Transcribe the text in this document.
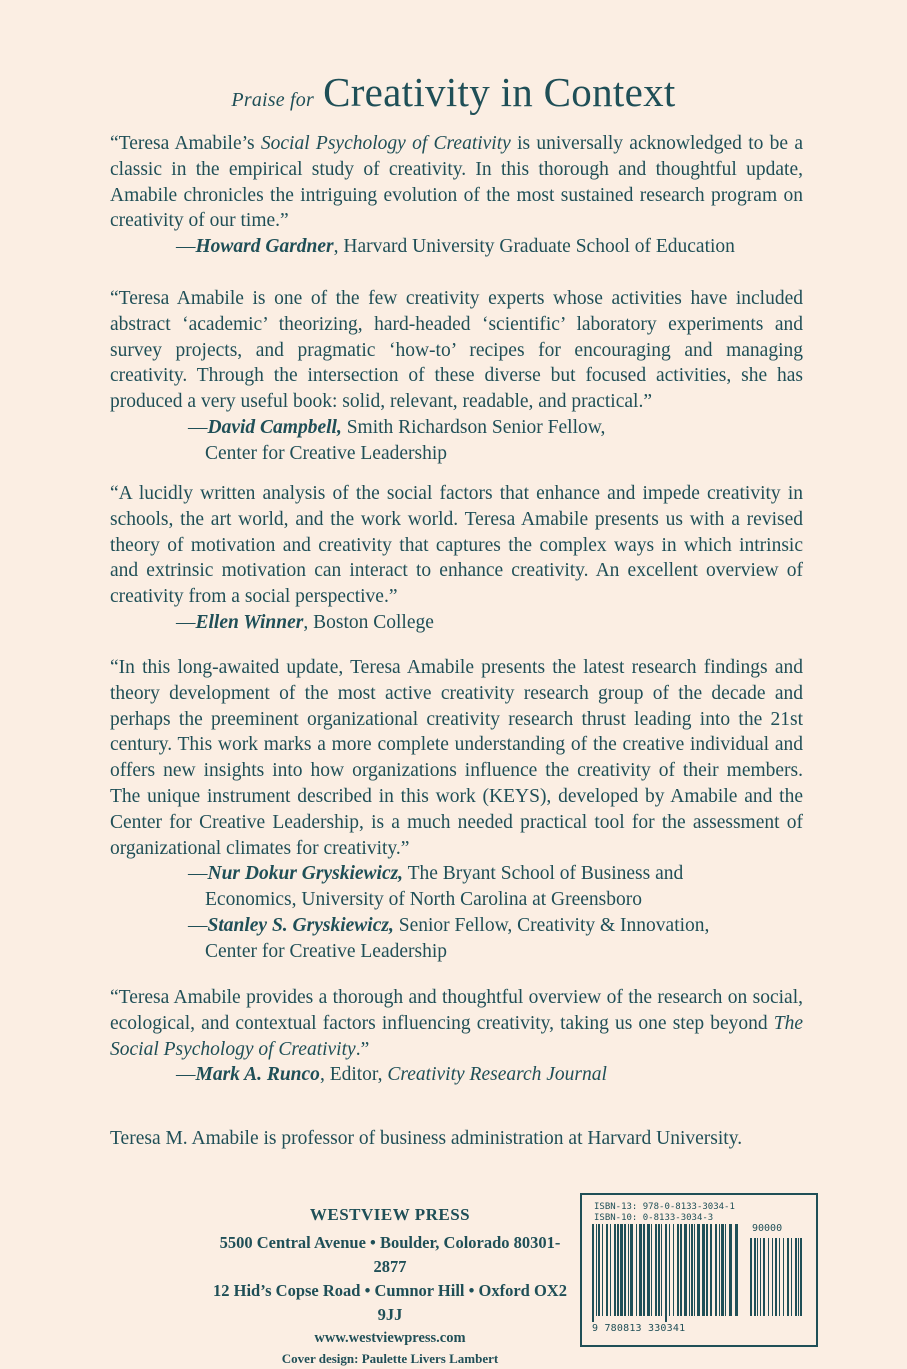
Praise for Creativity in Context

“Teresa Amabile’s Social Psychology of Creativity is universally acknowledged to be a classic in the empirical study of creativity. In this thorough and thoughtful update, Amabile chronicles the intriguing evolution of the most sustained research program on creativity of our time.”

—Howard Gardner, Harvard University Graduate School of Education

“Teresa Amabile is one of the few creativity experts whose activities have included abstract ‘academic’ theorizing, hard-headed ‘scientific’ laboratory experiments and survey projects, and pragmatic ‘how-to’ recipes for encouraging and managing creativity. Through the intersection of these diverse but focused activities, she has produced a very useful book: solid, relevant, readable, and practical.”

—David Campbell, Smith Richardson Senior Fellow,
Center for Creative Leadership

“A lucidly written analysis of the social factors that enhance and impede creativity in schools, the art world, and the work world. Teresa Amabile presents us with a revised theory of motivation and creativity that captures the complex ways in which intrinsic and extrinsic motivation can interact to enhance creativity. An excellent overview of creativity from a social perspective.”

—Ellen Winner, Boston College

“In this long-awaited update, Teresa Amabile presents the latest research findings and theory development of the most active creativity research group of the decade and perhaps the preeminent organizational creativity research thrust leading into the 21st century. This work marks a more complete understanding of the creative individual and offers new insights into how organizations influence the creativity of their members. The unique instrument described in this work (KEYS), developed by Amabile and the Center for Creative Leadership, is a much needed practical tool for the assessment of organizational climates for creativity.”

—Nur Dokur Gryskiewicz, The Bryant School of Business and
Economics, University of North Carolina at Greensboro
—Stanley S. Gryskiewicz, Senior Fellow, Creativity & Innovation,
Center for Creative Leadership

“Teresa Amabile provides a thorough and thoughtful overview of the research on social, ecological, and contextual factors influencing creativity, taking us one step beyond The Social Psychology of Creativity.”

—Mark A. Runco, Editor, Creativity Research Journal
Teresa M. Amabile is professor of business administration at Harvard University.
WESTVIEW PRESS
5500 Central Avenue • Boulder, Colorado 80301-2877
12 Hid’s Copse Road • Cumnor Hill • Oxford OX2 9JJ
www.westviewpress.com
Cover design: Paulette Livers Lambert
ISBN-13: 978-0-8133-3034-1
ISBN-10: 0-8133-3034-3
90000
9 780813 330341
